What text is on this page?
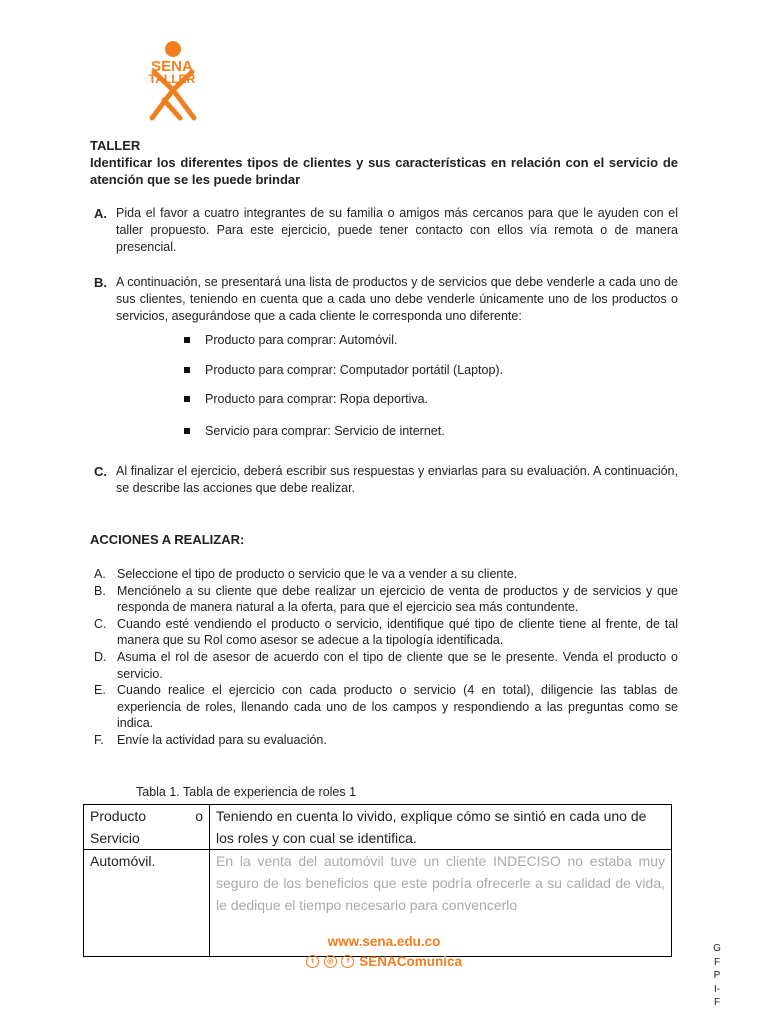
SENA
TALLER
TALLER
Identificar los diferentes tipos de clientes y sus características en relación con el servicio de atención que se les puede brindar
A. Pida el favor a cuatro integrantes de su familia o amigos más cercanos para que le ayuden con el taller propuesto. Para este ejercicio, puede tener contacto con ellos vía remota o de manera presencial.
B. A continuación, se presentará una lista de productos y de servicios que debe venderle a cada uno de sus clientes, teniendo en cuenta que a cada uno debe venderle únicamente uno de los productos o servicios, asegurándose que a cada cliente le corresponda uno diferente:
Producto para comprar: Automóvil.
Producto para comprar: Computador portátil (Laptop).
Producto para comprar: Ropa deportiva.
Servicio para comprar: Servicio de internet.
C. Al finalizar el ejercicio, deberá escribir sus respuestas y enviarlas para su evaluación. A continuación, se describe las acciones que debe realizar.
ACCIONES A REALIZAR:
A. Seleccione el tipo de producto o servicio que le va a vender a su cliente.
B. Menciónelo a su cliente que debe realizar un ejercicio de venta de productos y de servicios y que responda de manera natural a la oferta, para que el ejercicio sea más contundente.
C. Cuando esté vendiendo el producto o servicio, identifique qué tipo de cliente tiene al frente, de tal manera que su Rol como asesor se adecue a la tipología identificada.
D. Asuma el rol de asesor de acuerdo con el tipo de cliente que se le presente. Venda el producto o servicio.
E. Cuando realice el ejercicio con cada producto o servicio (4 en total), diligencie las tablas de experiencia de roles, llenando cada uno de los campos y respondiendo a las preguntas como se indica.
F. Envíe la actividad para su evaluación.
Tabla 1. Tabla de experiencia de roles 1
Producto o
Servicio	Teniendo en cuenta lo vivido, explique cómo se sintió en cada uno de los roles y con cual se identifica.
Automóvil.	En la venta del automóvil tuve un cliente INDECISO no estaba muy seguro de los beneficios que este podría ofrecerle a su calidad de vida, le dedique el tiempo necesario para convencerlo
www.sena.edu.co
t ◎ f SENAComunica
G
F
P
I-
F
